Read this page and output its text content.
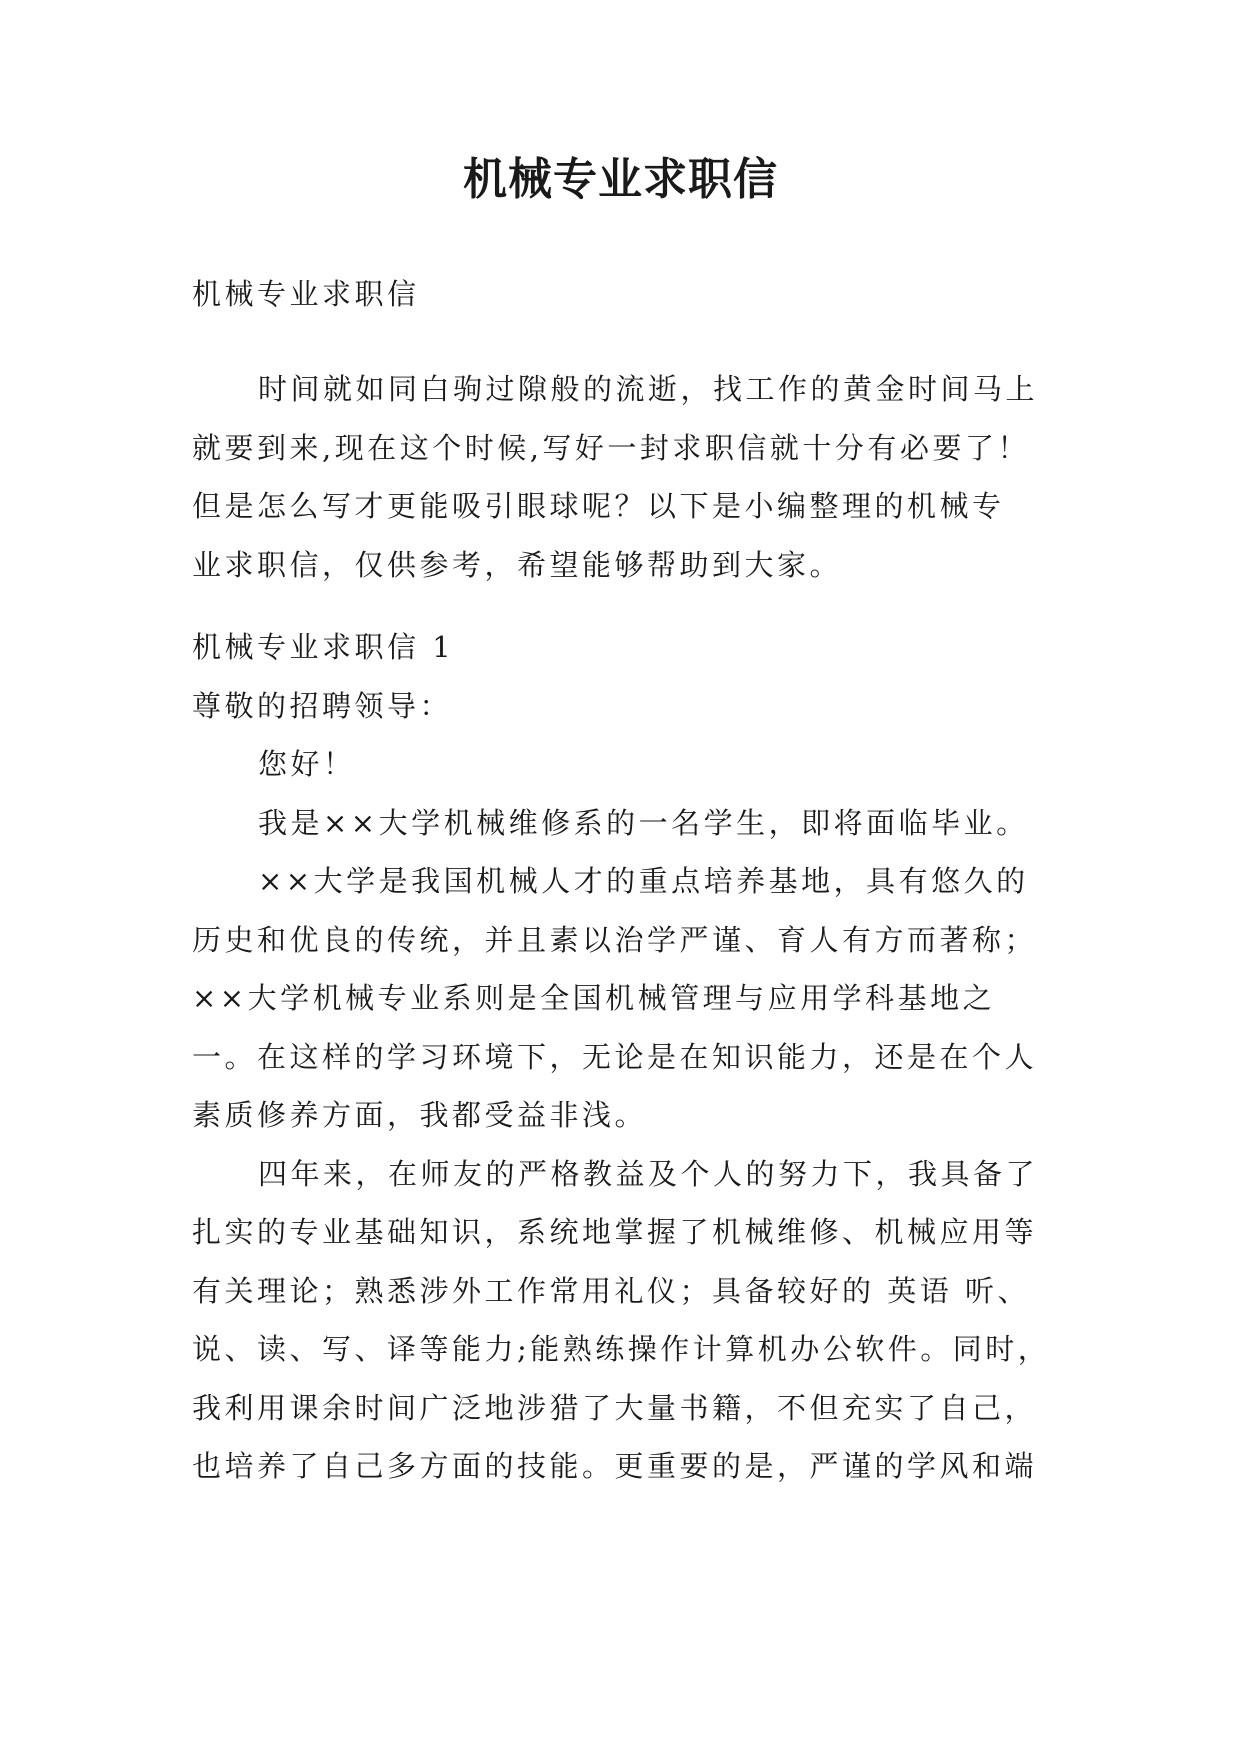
机械专业求职信

机械专业求职信

时间就如同白驹过隙般的流逝，找工作的黄金时间马上
就要到来,现在这个时候,写好一封求职信就十分有必要了！
但是怎么写才更能吸引眼球呢？以下是小编整理的机械专
业求职信，仅供参考，希望能够帮助到大家。

机械专业求职信 1
尊敬的招聘领导：
您好！
我是××大学机械维修系的一名学生，即将面临毕业。
××大学是我国机械人才的重点培养基地，具有悠久的
历史和优良的传统，并且素以治学严谨、育人有方而著称；
××大学机械专业系则是全国机械管理与应用学科基地之
一。在这样的学习环境下，无论是在知识能力，还是在个人
素质修养方面，我都受益非浅。
四年来，在师友的严格教益及个人的努力下，我具备了
扎实的专业基础知识，系统地掌握了机械维修、机械应用等
有关理论；熟悉涉外工作常用礼仪；具备较好的 英语 听、
说、读、写、译等能力;能熟练操作计算机办公软件。同时，
我利用课余时间广泛地涉猎了大量书籍，不但充实了自己，
也培养了自己多方面的技能。更重要的是，严谨的学风和端
